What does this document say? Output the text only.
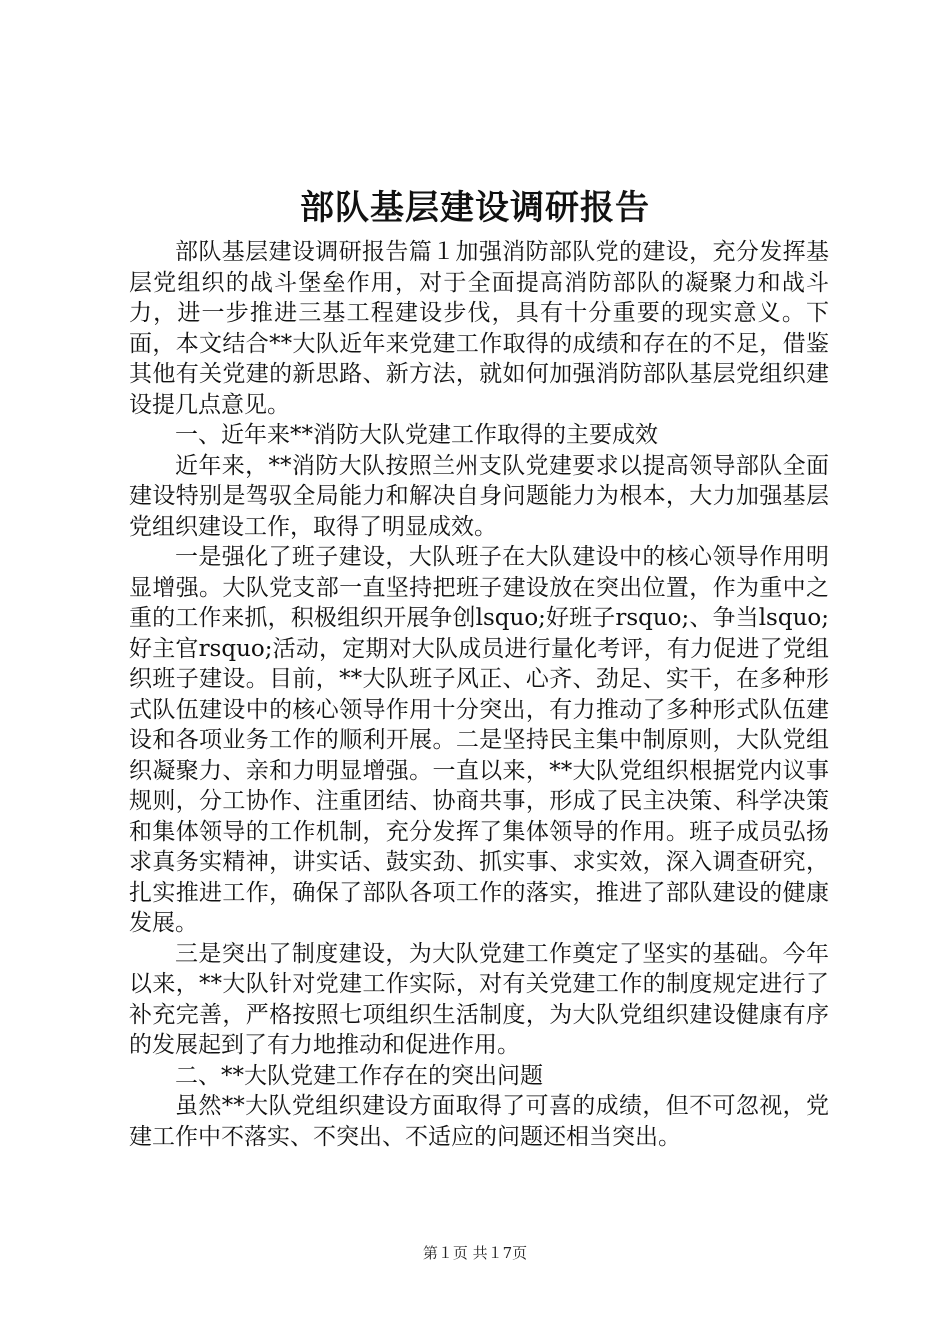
部队基层建设调研报告

部队基层建设调研报告篇１加强消防部队党的建设，充分发挥基层党组织的战斗堡垒作用，对于全面提高消防部队的凝聚力和战斗力，进一步推进三基工程建设步伐，具有十分重要的现实意义。下面，本文结合**大队近年来党建工作取得的成绩和存在的不足，借鉴其他有关党建的新思路、新方法，就如何加强消防部队基层党组织建设提几点意见。

一、近年来**消防大队党建工作取得的主要成效

近年来，**消防大队按照兰州支队党建要求以提高领导部队全面建设特别是驾驭全局能力和解决自身问题能力为根本，大力加强基层党组织建设工作，取得了明显成效。

一是强化了班子建设，大队班子在大队建设中的核心领导作用明显增强。大队党支部一直坚持把班子建设放在突出位置，作为重中之重的工作来抓，积极组织开展争创lsquo;好班子rsquo;、争当lsquo;好主官rsquo;活动，定期对大队成员进行量化考评，有力促进了党组织班子建设。目前，**大队班子风正、心齐、劲足、实干，在多种形式队伍建设中的核心领导作用十分突出，有力推动了多种形式队伍建设和各项业务工作的顺利开展。二是坚持民主集中制原则，大队党组织凝聚力、亲和力明显增强。一直以来，**大队党组织根据党内议事规则，分工协作、注重团结、协商共事，形成了民主决策、科学决策和集体领导的工作机制，充分发挥了集体领导的作用。班子成员弘扬求真务实精神，讲实话、鼓实劲、抓实事、求实效，深入调查研究，扎实推进工作，确保了部队各项工作的落实，推进了部队建设的健康发展。

三是突出了制度建设，为大队党建工作奠定了坚实的基础。今年以来，**大队针对党建工作实际，对有关党建工作的制度规定进行了补充完善，严格按照七项组织生活制度，为大队党组织建设健康有序的发展起到了有力地推动和促进作用。

二、**大队党建工作存在的突出问题

虽然**大队党组织建设方面取得了可喜的成绩，但不可忽视，党建工作中不落实、不突出、不适应的问题还相当突出。

第１页 共１7页
